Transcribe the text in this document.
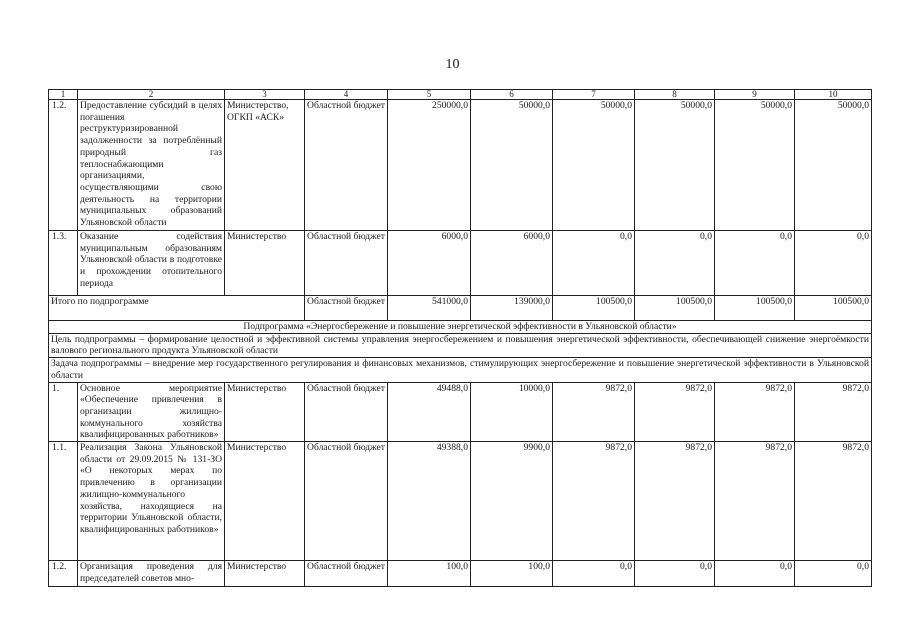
10
1	2	3	4	5	6	7	8	9	10
1.2.	Предоставление субсидий в целях погашения реструктуризированной задолженности за потреблённый природный газ теплоснабжающими организациями, осуществляющими свою деятельность на территории муниципальных образований Ульяновской области	Министерство, ОГКП «АСК»	Областной бюджет	250000,0	50000,0	50000,0	50000,0	50000,0	50000,0
1.3.	Оказание содействия муниципальным образованиям Ульяновской области в подготовке и прохождении отопительного периода	Министерство	Областной бюджет	6000,0	6000,0	0,0	0,0	0,0	0,0
Итого по подпрограмме			Областной бюджет	541000,0	139000,0	100500,0	100500,0	100500,0	100500,0
Подпрограмма «Энергосбережение и повышение энергетической эффективности в Ульяновской области»									
Цель подпрограммы – формирование целостной и эффективной системы управления энергосбережением и повышения энергетической эффективности, обеспечивающей снижение энергоёмкости валового регионального продукта Ульяновской области									
Задача подпрограммы – внедрение мер государственного регулирования и финансовых механизмов, стимулирующих энергосбережение и повышение энергетической эффективности в Ульяновской области									
1.	Основное мероприятие «Обеспечение привлечения в организации жилищно-коммунального хозяйства квалифицированных работников»	Министерство	Областной бюджет	49488,0	10000,0	9872,0	9872,0	9872,0	9872,0
1.1.	Реализация Закона Ульяновской области от 29.09.2015 № 131-ЗО «О некоторых мерах по привлечению в организации жилищно-коммунального хозяйства, находящиеся на территории Ульяновской области, квалифицированных работников»	Министерство	Областной бюджет	49388,0	9900,0	9872,0	9872,0	9872,0	9872,0
1.2.	Организация проведения для председателей советов мно-	Министерство	Областной бюджет	100,0	100,0	0,0	0,0	0,0	0,0
